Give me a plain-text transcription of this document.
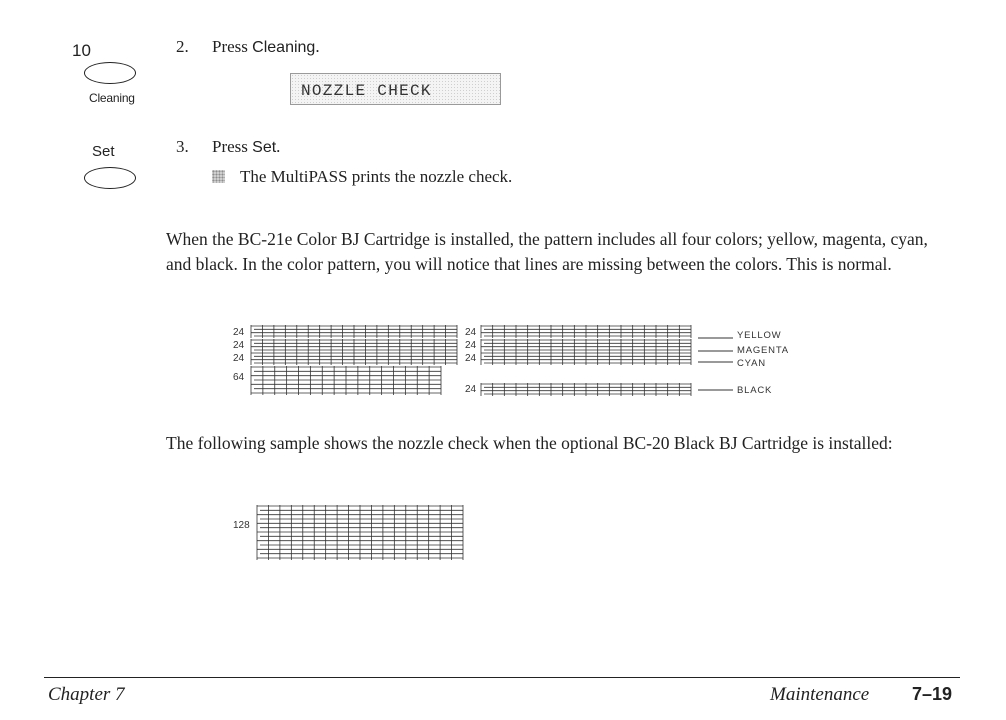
10
Cleaning
Set
2. Press Cleaning.
NOZZLE CHECK
3. Press Set.
The MultiPASS prints the nozzle check.

When the BC-21e Color BJ Cartridge is installed, the pattern includes all four colors; yellow, magenta, cyan, and black. In the color pattern, you will notice that lines are missing between the colors. This is normal.

24
24
24
64
24
24
24
24
YELLOW
MAGENTA
CYAN
BLACK

The following sample shows the nozzle check when the optional BC-20 Black BJ Cartridge is installed:

128
Chapter 7	Maintenance 7–19
